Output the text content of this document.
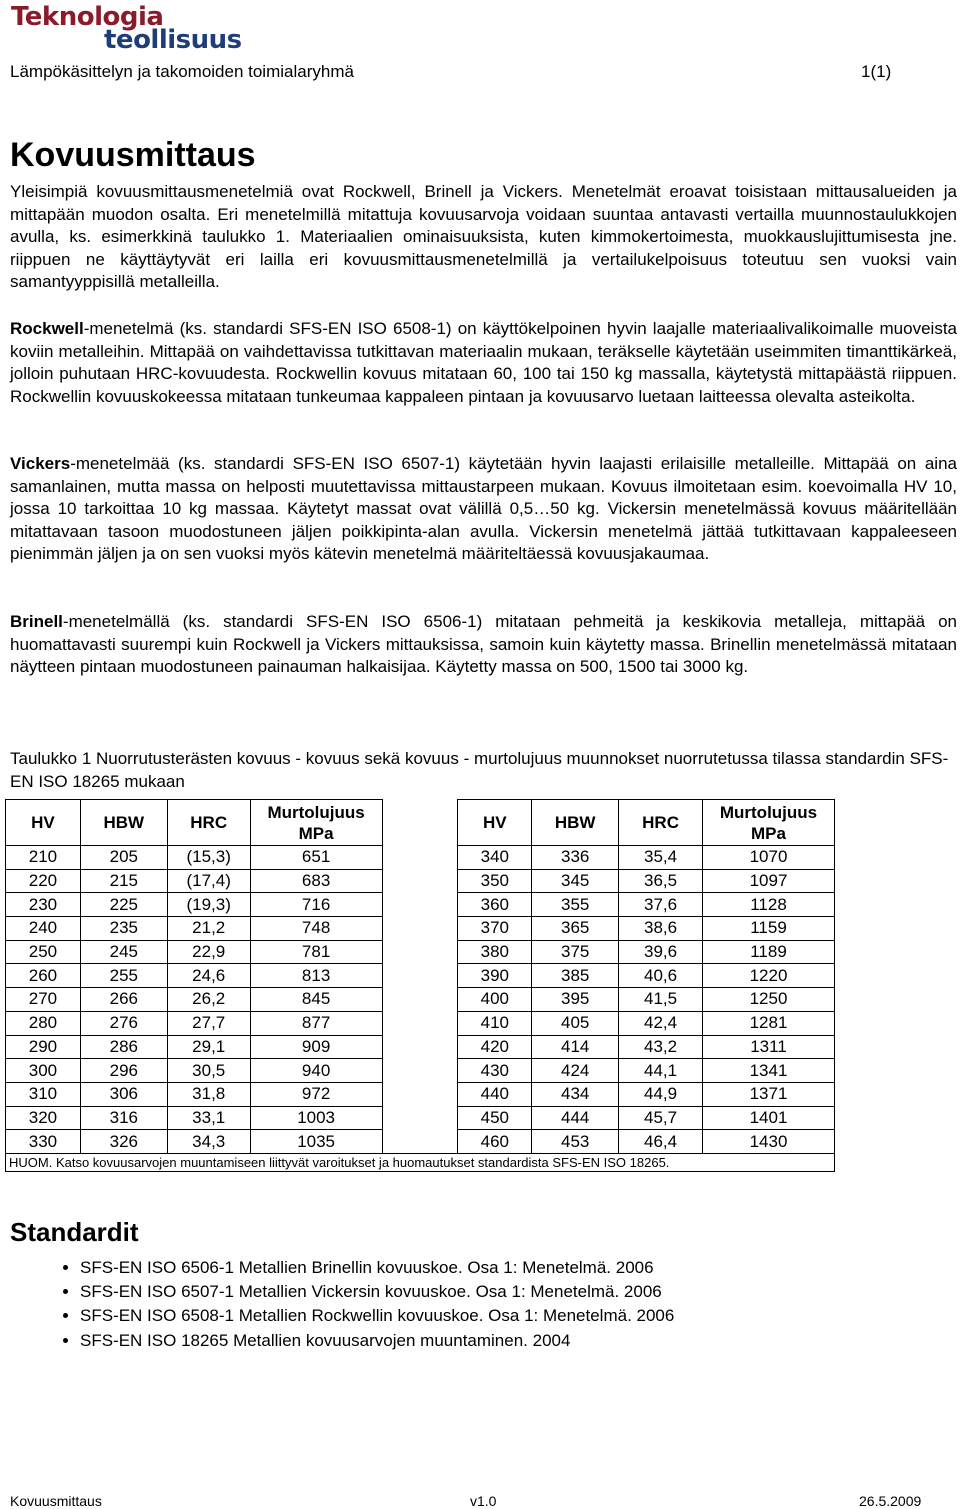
Teknologia
teollisuus
Lämpökäsittelyn ja takomoiden toimialaryhmä	1(1)
Kovuusmittaus
Yleisimpiä kovuusmittausmenetelmiä ovat Rockwell, Brinell ja Vickers. Menetelmät eroavat toisistaan mittausalueiden ja mittapään muodon osalta. Eri menetelmillä mitattuja kovuusarvoja voidaan suuntaa antavasti vertailla muunnostaulukkojen avulla, ks. esimerkkinä taulukko 1. Materiaalien ominaisuuksista, kuten kimmokertoimesta, muokkauslujittumisesta jne. riippuen ne käyttäytyvät eri lailla eri kovuusmittausmenetelmillä ja vertailukelpoisuus toteutuu sen vuoksi vain samantyyppisillä metalleilla.
Rockwell-menetelmä (ks. standardi SFS-EN ISO 6508-1) on käyttökelpoinen hyvin laajalle materiaalivalikoimalle muoveista koviin metalleihin. Mittapää on vaihdettavissa tutkittavan materiaalin mukaan, teräkselle käytetään useimmiten timanttikärkeä, jolloin puhutaan HRC-kovuudesta. Rockwellin kovuus mitataan 60, 100 tai 150 kg massalla, käytetystä mittapäästä riippuen. Rockwellin kovuuskokeessa mitataan tunkeumaa kappaleen pintaan ja kovuusarvo luetaan laitteessa olevalta asteikolta.
Vickers-menetelmää (ks. standardi SFS-EN ISO 6507-1) käytetään hyvin laajasti erilaisille metalleille. Mittapää on aina samanlainen, mutta massa on helposti muutettavissa mittaustarpeen mukaan. Kovuus ilmoitetaan esim. koevoimalla HV 10, jossa 10 tarkoittaa 10 kg massaa. Käytetyt massat ovat välillä 0,5…50 kg. Vickersin menetelmässä kovuus määritellään mitattavaan tasoon muodostuneen jäljen poikkipinta-alan avulla. Vickersin menetelmä jättää tutkittavaan kappaleeseen pienimmän jäljen ja on sen vuoksi myös kätevin menetelmä määriteltäessä kovuusjakaumaa.
Brinell-menetelmällä (ks. standardi SFS-EN ISO 6506-1) mitataan pehmeitä ja keskikovia metalleja, mittapää on huomattavasti suurempi kuin Rockwell ja Vickers mittauksissa, samoin kuin käytetty massa. Brinellin menetelmässä mitataan näytteen pintaan muodostuneen painauman halkaisijaa. Käytetty massa on 500, 1500 tai 3000 kg.
Taulukko 1 Nuorrutusterästen kovuus - kovuus sekä kovuus - murtolujuus muunnokset nuorrutetussa tilassa standardin SFS-EN ISO 18265 mukaan
HV	HBW	HRC	Murtolujuus MPa		HV	HBW	HRC	Murtolujuus MPa
210	205	(15,3)	651		340	336	35,4	1070
220	215	(17,4)	683		350	345	36,5	1097
230	225	(19,3)	716		360	355	37,6	1128
240	235	21,2	748		370	365	38,6	1159
250	245	22,9	781		380	375	39,6	1189
260	255	24,6	813		390	385	40,6	1220
270	266	26,2	845		400	395	41,5	1250
280	276	27,7	877		410	405	42,4	1281
290	286	29,1	909		420	414	43,2	1311
300	296	30,5	940		430	424	44,1	1341
310	306	31,8	972		440	434	44,9	1371
320	316	33,1	1003		450	444	45,7	1401
330	326	34,3	1035		460	453	46,4	1430
HUOM. Katso kovuusarvojen muuntamiseen liittyvät varoitukset ja huomautukset standardista SFS-EN ISO 18265.								
Standardit
• SFS-EN ISO 6506-1 Metallien Brinellin kovuuskoe. Osa 1: Menetelmä. 2006
• SFS-EN ISO 6507-1 Metallien Vickersin kovuuskoe. Osa 1: Menetelmä. 2006
• SFS-EN ISO 6508-1 Metallien Rockwellin kovuuskoe. Osa 1: Menetelmä. 2006
• SFS-EN ISO 18265 Metallien kovuusarvojen muuntaminen. 2004
Kovuusmittaus	v1.0	26.5.2009
